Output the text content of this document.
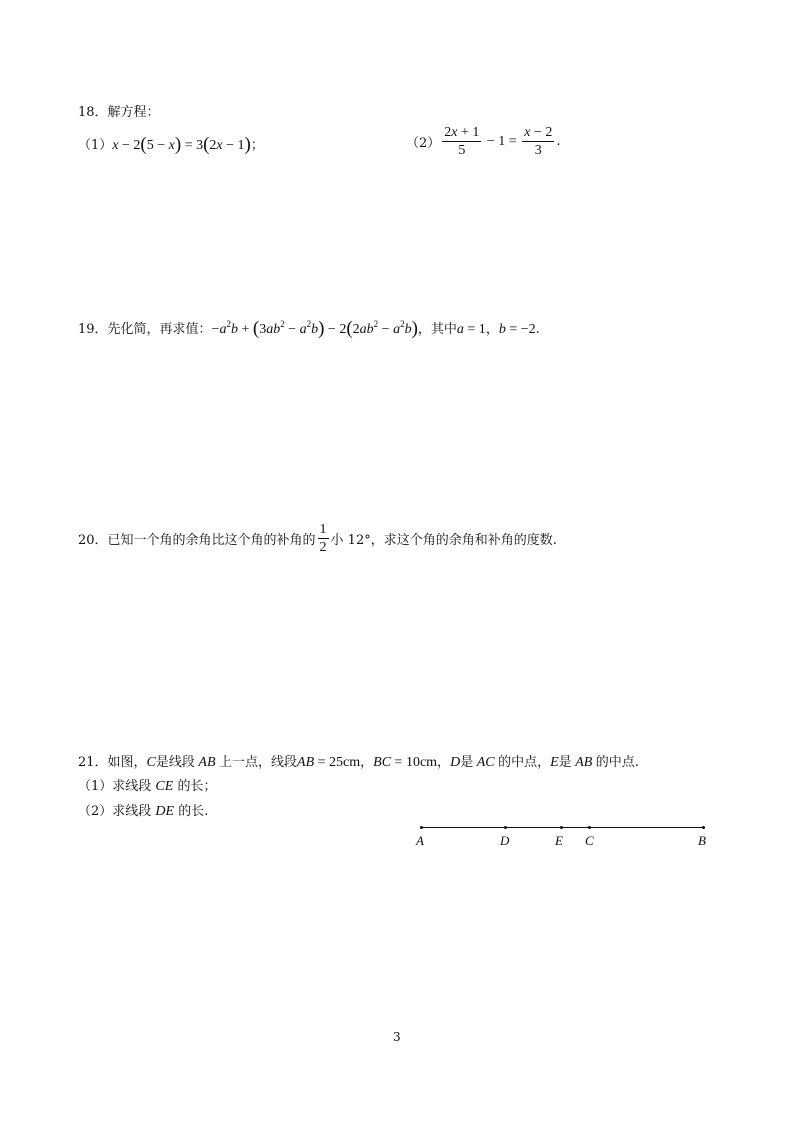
18．解方程：
（1）x − 2(5 − x) = 3(2x − 1)；	$(2) \frac{2x + 1}{5} - 1 = \frac{x - 2}{3}$ .
19．先化简，再求值：$-a^2b + (3ab^2 - a^2b) - 2(2ab^2 - a^2b)$，其中a = 1，b = −2.
20．已知一个角的余角比这个角的补角的 $\frac{1}{2}$ 小 12°，求这个角的余角和补角的度数.
21．如图，C是线段 AB 上一点，线段AB = 25cm，BC = 10cm，D是 AC 的中点，E是 AB 的中点.
（1）求线段 CE 的长；
（2）求线段 DE 的长.
A	D	E C	B
3
